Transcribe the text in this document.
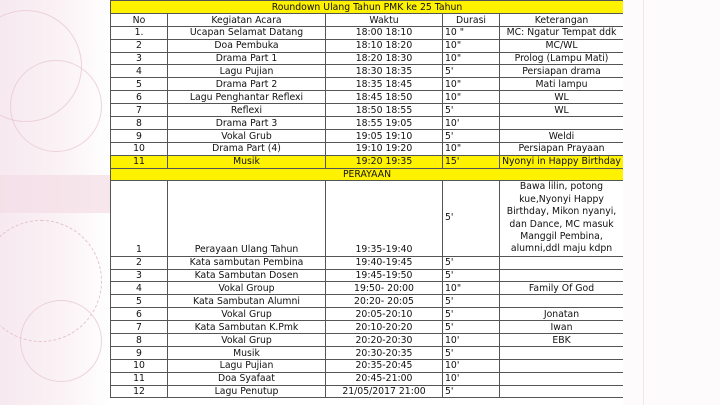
Roundown Ulang Tahun PMK ke 25 Tahun				
No	Kegiatan Acara	Waktu	Durasi	Keterangan
1.	Ucapan Selamat Datang	18:00 18:10	10 "	MC: Ngatur Tempat ddk
2	Doa Pembuka	18:10 18:20	10"	MC/WL
3	Drama Part 1	18:20 18:30	10"	Prolog (Lampu Mati)
4	Lagu Pujian	18:30 18:35	5'	Persiapan drama
5	Drama Part 2	18:35 18:45	10"	Mati lampu
6	Lagu Penghantar Reflexi	18:45 18:50	10"	WL
7	Reflexi	18:50 18:55	5'	WL
8	Drama Part 3	18:55 19:05	10'	
9	Vokal Grub	19:05 19:10	5'	Weldi
10	Drama Part (4)	19:10 19:20	10"	Persiapan Prayaan
11	Musik	19:20 19:35	15'	Nyonyi in Happy Birthday
PERAYAAN				
1	Perayaan Ulang Tahun	19:35-19:40	5'	Bawa lilin, potong kue,Nyonyi Happy Birthday, Mikon nyanyi, dan Dance, MC masuk Manggil Pembina, alumni,ddl maju kdpn
2	Kata sambutan Pembina	19:40-19:45	5'	
3	Kata Sambutan Dosen	19:45-19:50	5'	
4	Vokal Group	19:50- 20:00	10"	Family Of God
5	Kata Sambutan Alumni	20:20- 20:05	5'	
6	Vokal Grup	20:05-20:10	5'	Jonatan
7	Kata Sambutan K.Pmk	20:10-20:20	5'	Iwan
8	Vokal Grup	20:20-20:30	10'	EBK
9	Musik	20:30-20:35	5'	
10	Lagu Pujian	20:35-20:45	10'	
11	Doa Syafaat	20:45-21:00	10'	
12	Lagu Penutup	21/05/2017 21:00	5'	
